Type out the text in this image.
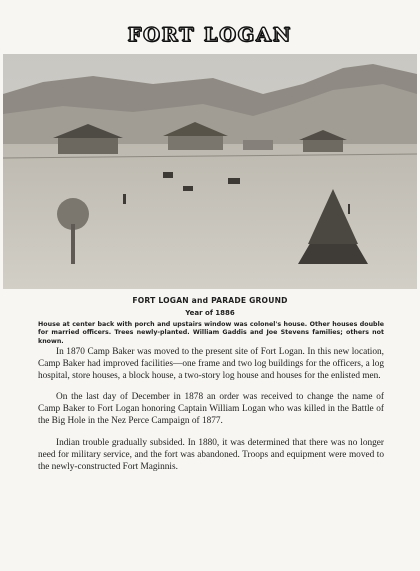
FORT LOGAN
FORT LOGAN and PARADE GROUND
Year of 1886
House at center back with porch and upstairs window was colonel's house. Other houses double for married officers. Trees newly-planted. William Gaddis and Joe Stevens families; others not known.

In 1870 Camp Baker was moved to the present site of Fort Logan. In this new location, Camp Baker had improved facilities—one frame and two log buildings for the officers, a log hospital, store houses, a block house, a two-story log house and houses for the enlisted men.

On the last day of December in 1878 an order was received to change the name of Camp Baker to Fort Logan honoring Captain William Logan who was killed in the Battle of the Big Hole in the Nez Perce Campaign of 1877.

Indian trouble gradually subsided. In 1880, it was determined that there was no longer need for military service, and the fort was abandoned. Troops and equipment were moved to the newly-constructed Fort Maginnis.
